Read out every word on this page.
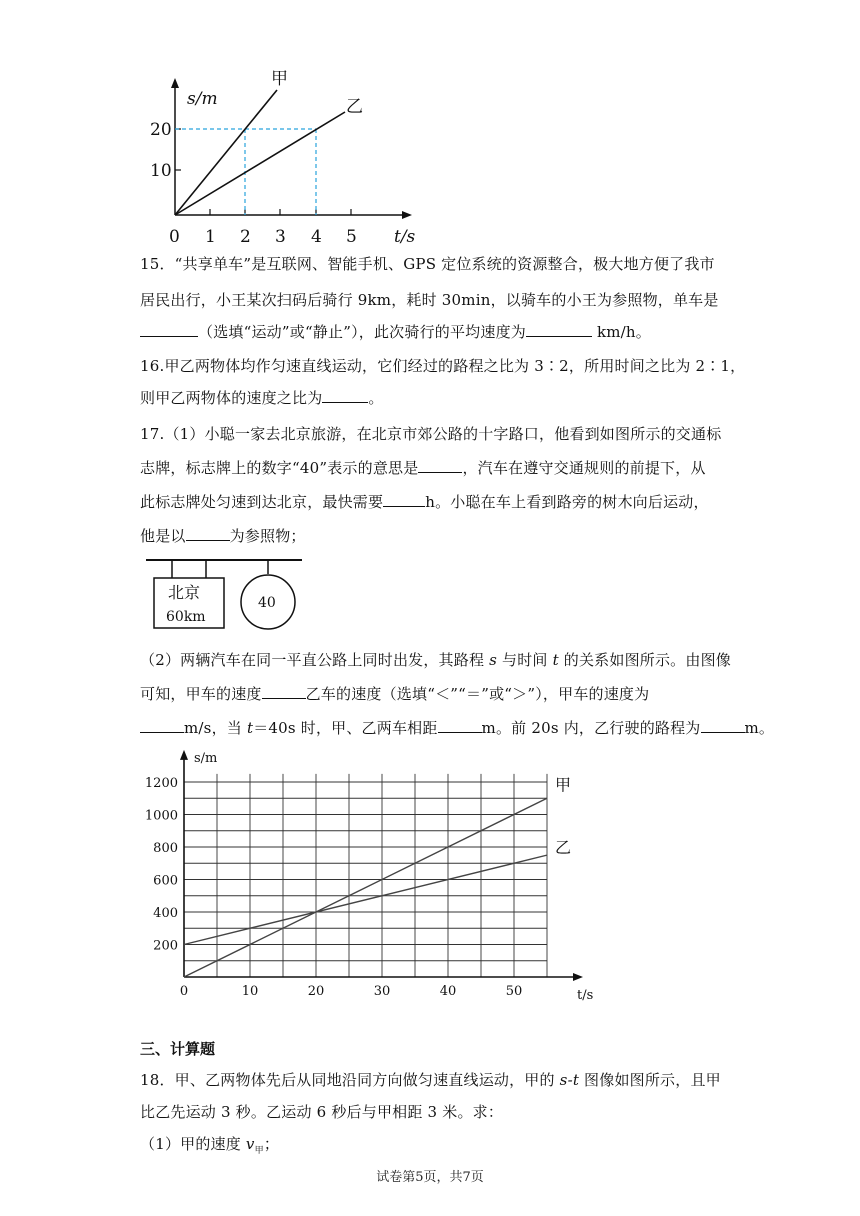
甲
乙
s/m
t/s
20
10
0 1 2 3 4 5
15．“共享单车”是互联网、智能手机、GPS 定位系统的资源整合，极大地方便了我市
居民出行，小王某次扫码后骑行 9km，耗时 30min，以骑车的小王为参照物，单车是
（选填“运动”或“静止”），此次骑行的平均速度为	km/h。
16.甲乙两物体均作匀速直线运动，它们经过的路程之比为 3∶2，所用时间之比为 2∶1，
则甲乙两物体的速度之比为	。
17.（1）小聪一家去北京旅游，在北京市郊公路的十字路口，他看到如图所示的交通标
志牌，标志牌上的数字“40”表示的意思是	，汽车在遵守交通规则的前提下，从
此标志牌处匀速到达北京，最快需要	h。小聪在车上看到路旁的树木向后运动，
他是以	为参照物；
北京
60km
40
（2）两辆汽车在同一平直公路上同时出发，其路程 s 与时间 t 的关系如图所示。由图像
可知，甲车的速度	乙车的速度（选填“＜”“＝”或“＞”），甲车的速度为
m/s，当 t＝40s 时，甲、乙两车相距	m。前 20s 内，乙行驶的路程为	m。
200
400
600
800
1000
1200
0	10	20	30	40	50	t/s
s/m
甲
乙
三、计算题
18．甲、乙两物体先后从同地沿同方向做匀速直线运动，甲的 s-t 图像如图所示，且甲
比乙先运动 3 秒。乙运动 6 秒后与甲相距 3 米。求：
（1）甲的速度 $v_甲$；
试卷第5页，共7页
